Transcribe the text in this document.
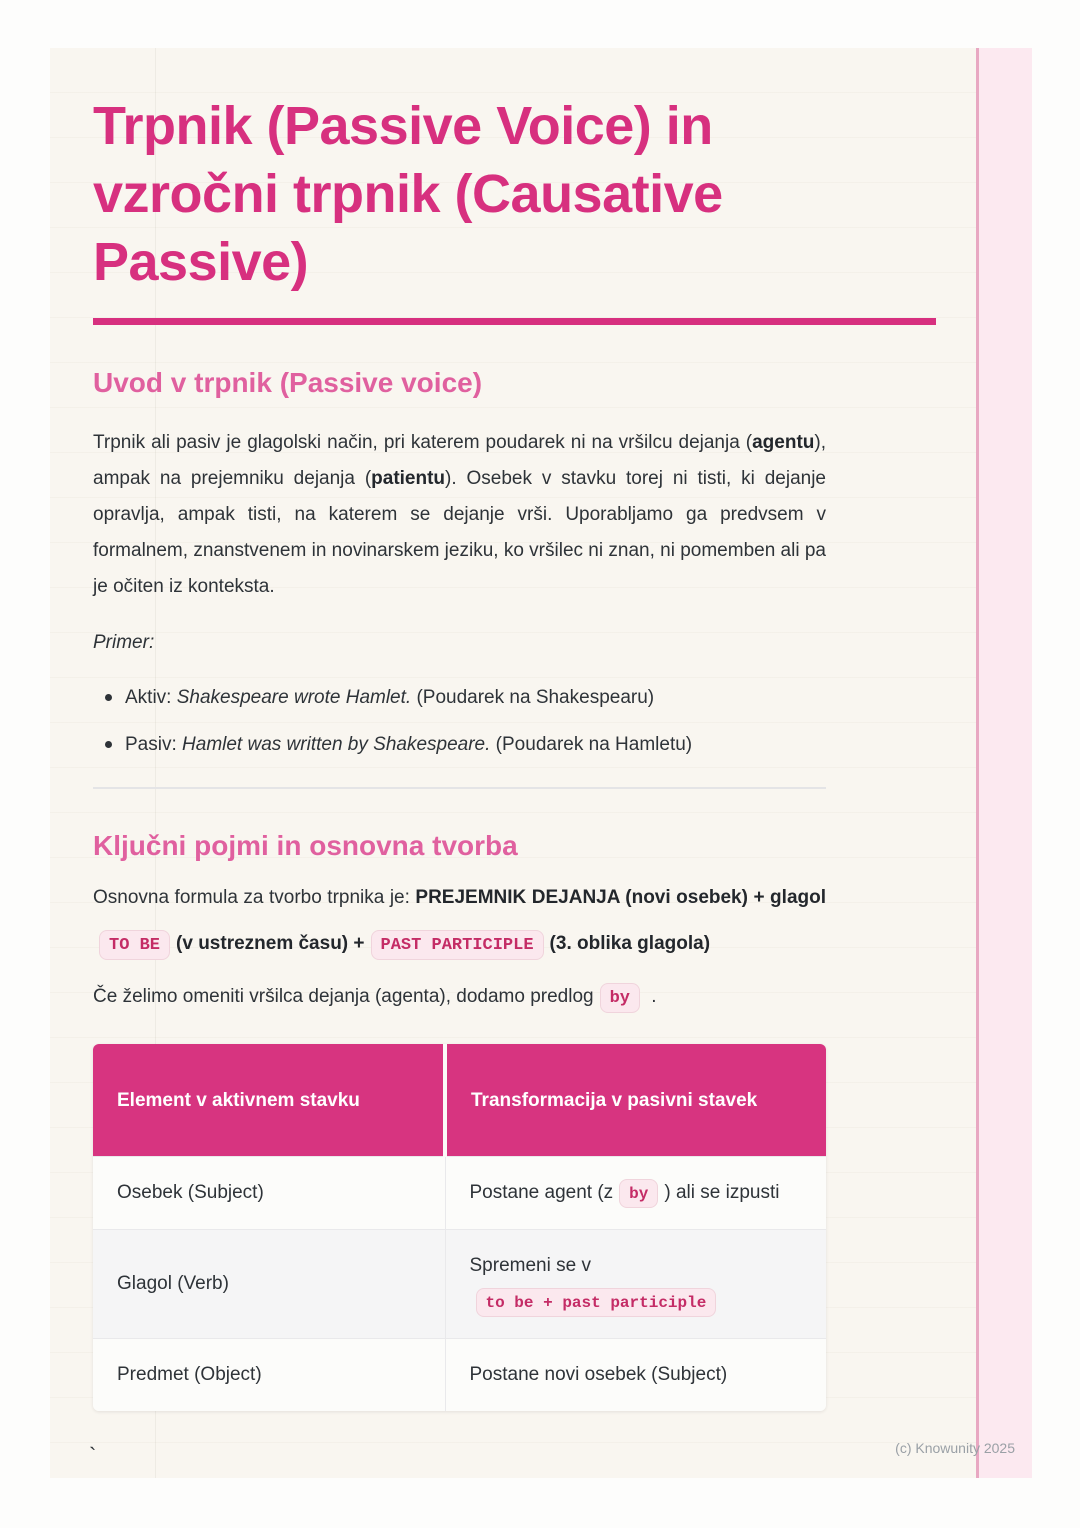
Trpnik (Passive Voice) in
vzročni trpnik (Causative
Passive)
Uvod v trpnik (Passive voice)

Trpnik ali pasiv je glagolski način, pri katerem poudarek ni na vršilcu dejanja (agentu), ampak na prejemniku dejanja (patientu). Osebek v stavku torej ni tisti, ki dejanje opravlja, ampak tisti, na katerem se dejanje vrši. Uporabljamo ga predvsem v formalnem, znanstvenem in novinarskem jeziku, ko vršilec ni znan, ni pomemben ali pa je očiten iz konteksta.

Primer:

Aktiv: Shakespeare wrote Hamlet. (Poudarek na Shakespearu)
Pasiv: Hamlet was written by Shakespeare. (Poudarek na Hamletu)
Ključni pojmi in osnovna tvorba

Osnovna formula za tvorbo trpnika je: PREJEMNIK DEJANJA (novi osebek) + glagolTO BE (v ustreznem času) + PAST PARTICIPLE (3. oblika glagola)

Če želimo omeniti vršilca dejanja (agenta), dodamo predlog by .

Element v aktivnem stavku	Transformacija v pasivni stavek
Osebek (Subject)	Postane agent (z by ) ali se izpusti
Glagol (Verb)	Spremeni se vto be + past participle
Predmet (Object)	Postane novi osebek (Subject)
`	(c) Knowunity 2025
